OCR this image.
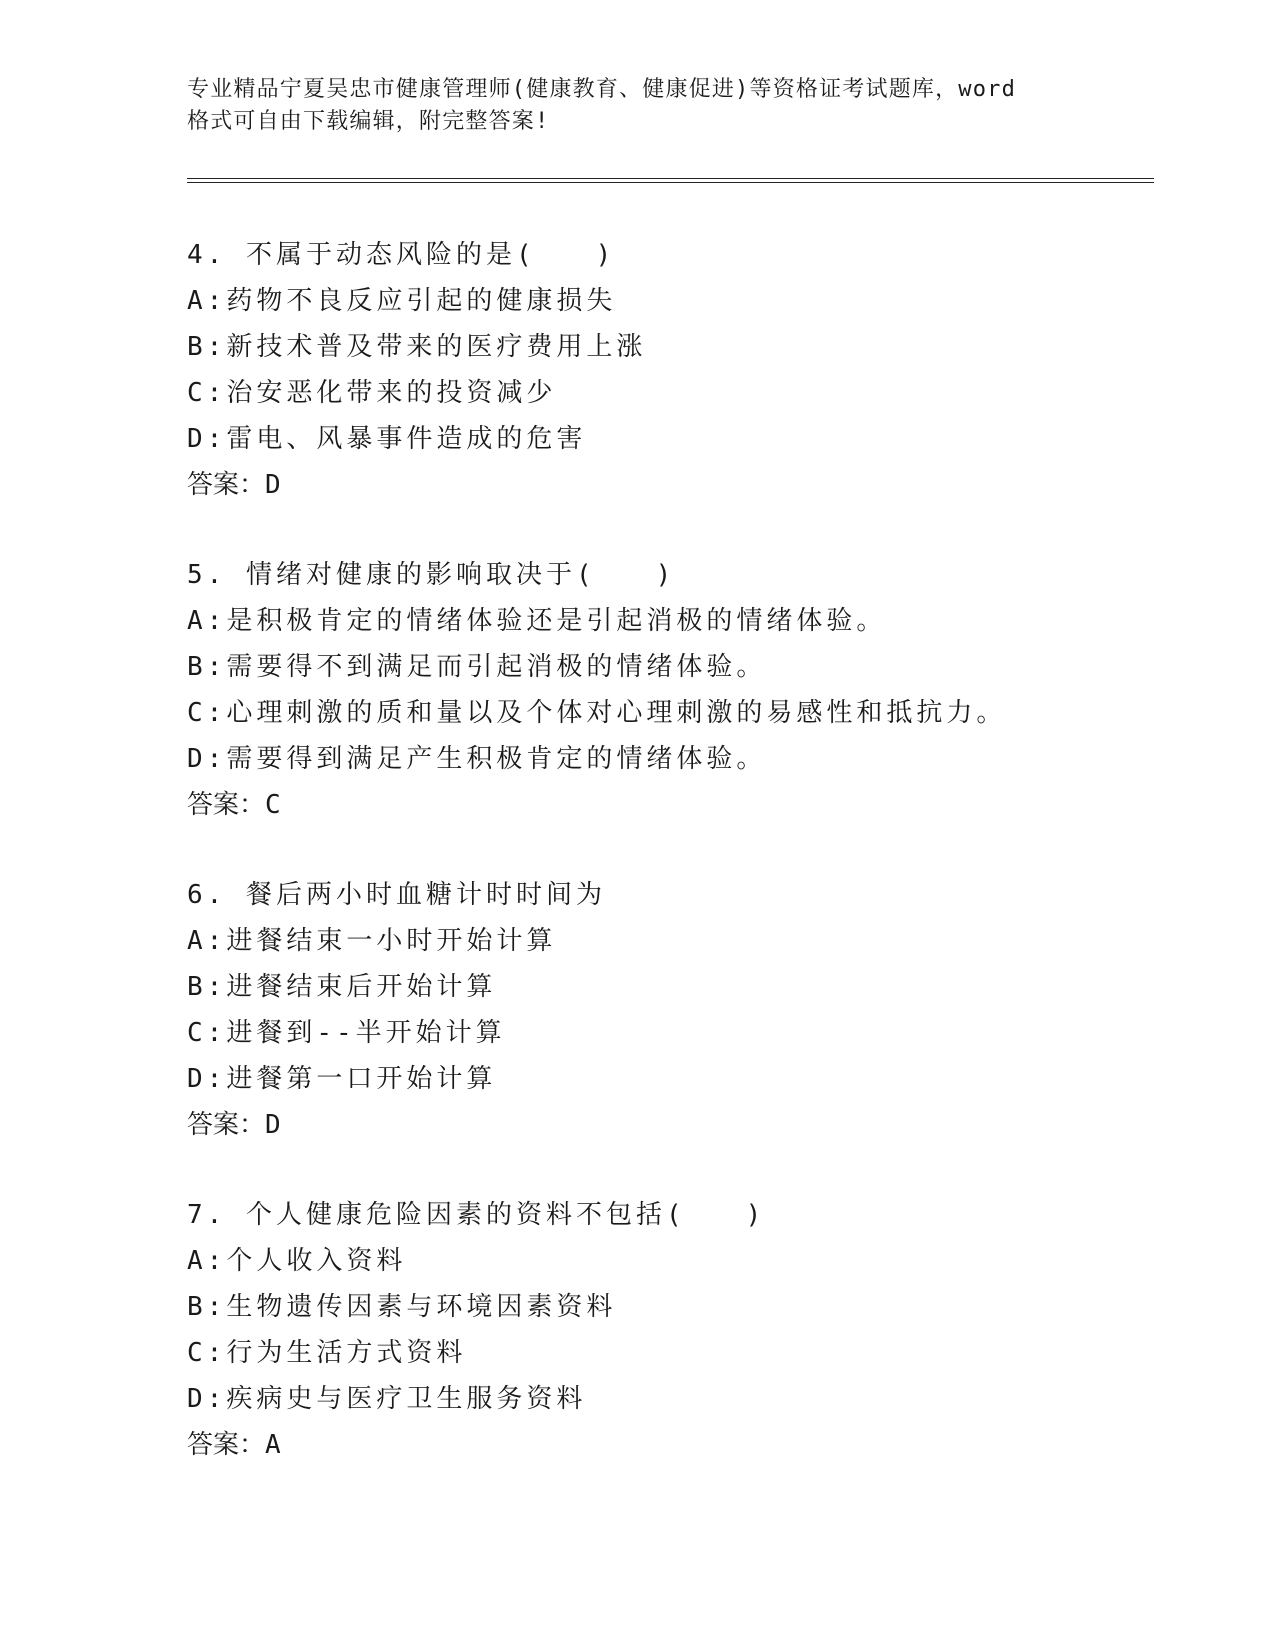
专业精品宁夏吴忠市健康管理师(健康教育、健康促进)等资格证考试题库，word
格式可自由下载编辑，附完整答案!
4. 不属于动态风险的是(　　)
A:药物不良反应引起的健康损失
B:新技术普及带来的医疗费用上涨
C:治安恶化带来的投资减少
D:雷电、风暴事件造成的危害
答案：D
5. 情绪对健康的影响取决于(　　)
A:是积极肯定的情绪体验还是引起消极的情绪体验。
B:需要得不到满足而引起消极的情绪体验。
C:心理刺激的质和量以及个体对心理刺激的易感性和抵抗力。
D:需要得到满足产生积极肯定的情绪体验。
答案：C
6. 餐后两小时血糖计时时间为
A:进餐结束一小时开始计算
B:进餐结束后开始计算
C:进餐到--半开始计算
D:进餐第一口开始计算
答案：D
7. 个人健康危险因素的资料不包括(　　)
A:个人收入资料
B:生物遗传因素与环境因素资料
C:行为生活方式资料
D:疾病史与医疗卫生服务资料
答案：A
